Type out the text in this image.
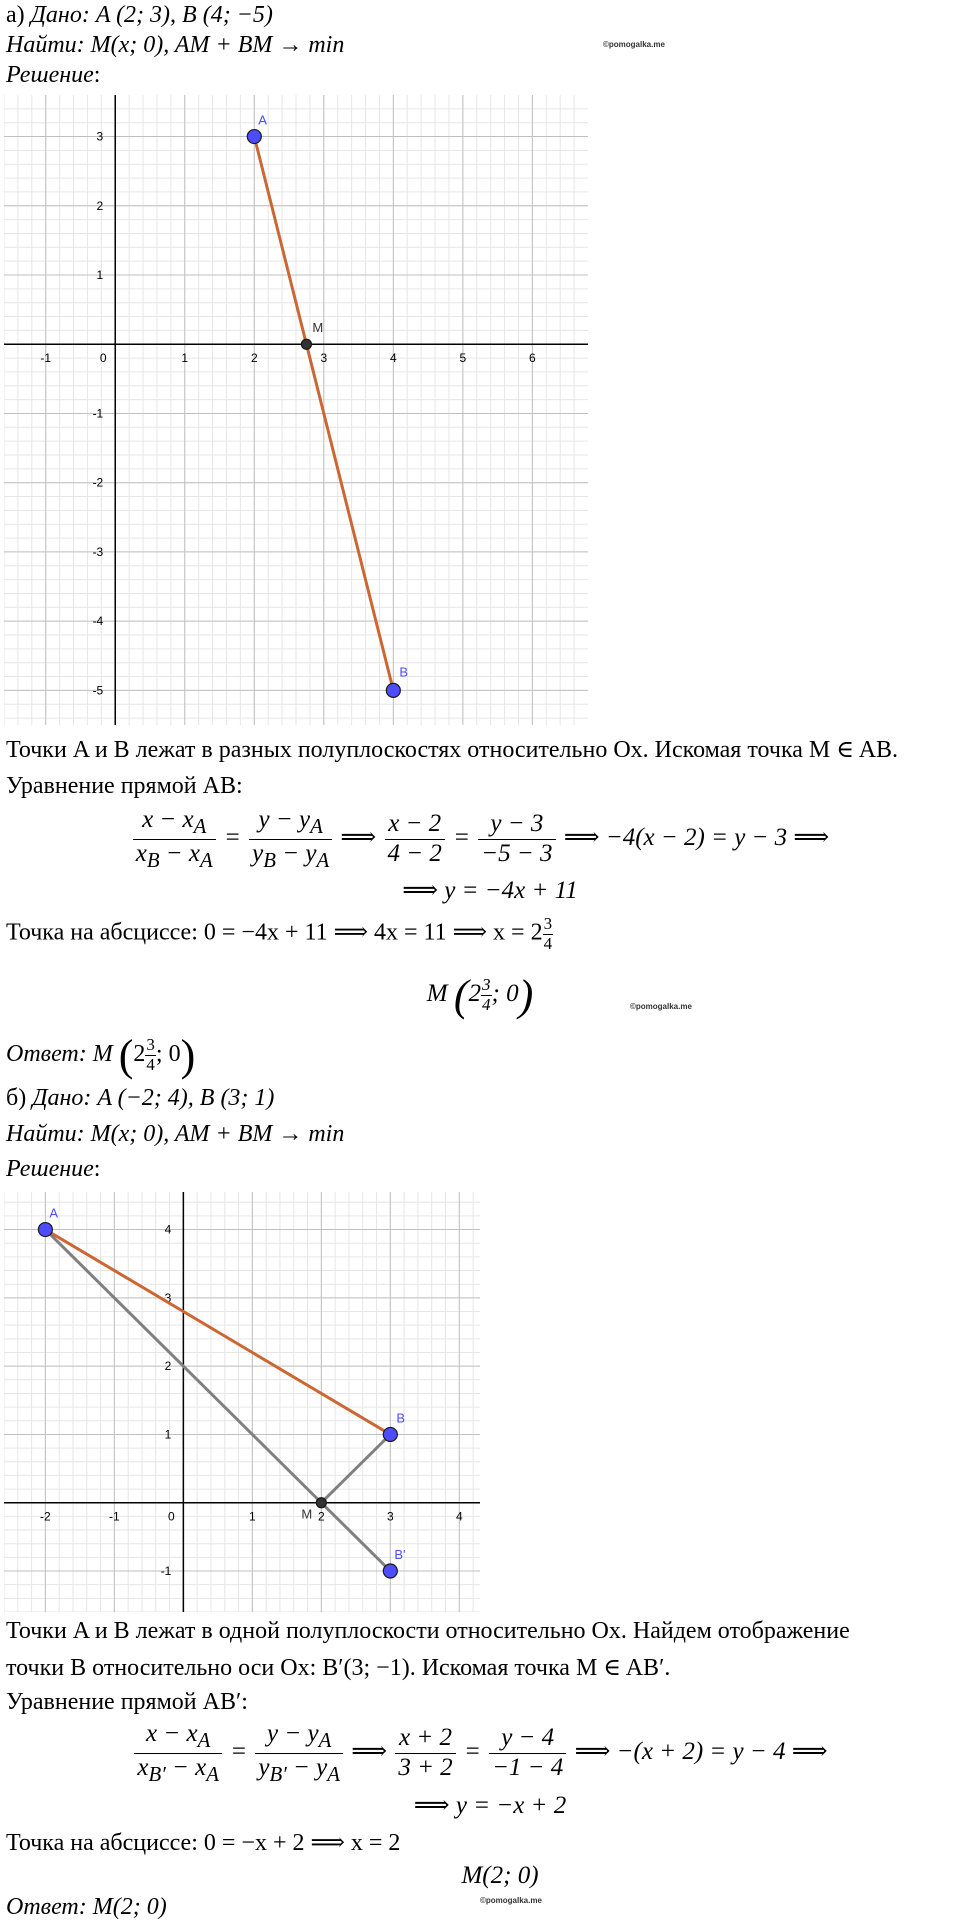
а) Дано: A (2; 3), B (4; −5)
Найти: M(x; 0), AM + BM → min	©pomogalka.me
Решение:
-1	0	1	2	3	4	5	6
3
2
1
-1
-2
-3
-4
-5
A
M
B
Точки A и B лежат в разных полуплоскостях относительно Ox. Искомая точка M ∈ AB.
Уравнение прямой AB:
$\frac{x - x_A}{x_B - x_A} = \frac{y - y_A}{y_B - y_A}$ ⟹ $\frac{x - 2}{4 - 2} = \frac{y - 3}{-5 - 3}$ ⟹ −4(x − 2) = y − 3 ⟹
⟹ y = −4x + 11
Точка на абсциссе: 0 = −4x + 11 ⟹ 4x = 11 ⟹ $x = 2 \frac{3}{4}$
M ($2 \frac{3}{4}$ ; 0)	©pomogalka.me
Ответ: M ($2 \frac{3}{4}$ ; 0)
б) Дано: A (−2; 4), B (3; 1)
Найти: M(x; 0), AM + BM → min
Решение:
-2	-1	0	1	2	3	4
4
3
2
1
-1
A
B
M
B'
Точки A и B лежат в одной полуплоскости относительно Ox. Найдем отображение
точки B относительно оси Ox: B′(3; −1). Искомая точка M ∈ AB′.
Уравнение прямой AB′:
$\frac{x - x_A}{x_{B'} - x_A} = \frac{y - y_A}{y_{B'} - y_A}$ ⟹ $\frac{x + 2}{3 + 2} = \frac{y - 4}{-1 - 4}$ ⟹ −(x + 2) = y − 4 ⟹
⟹ y = −x + 2
Точка на абсциссе: 0 = −x + 2 ⟹ x = 2
M(2; 0)
©pomogalka.me
Ответ: M(2; 0)
